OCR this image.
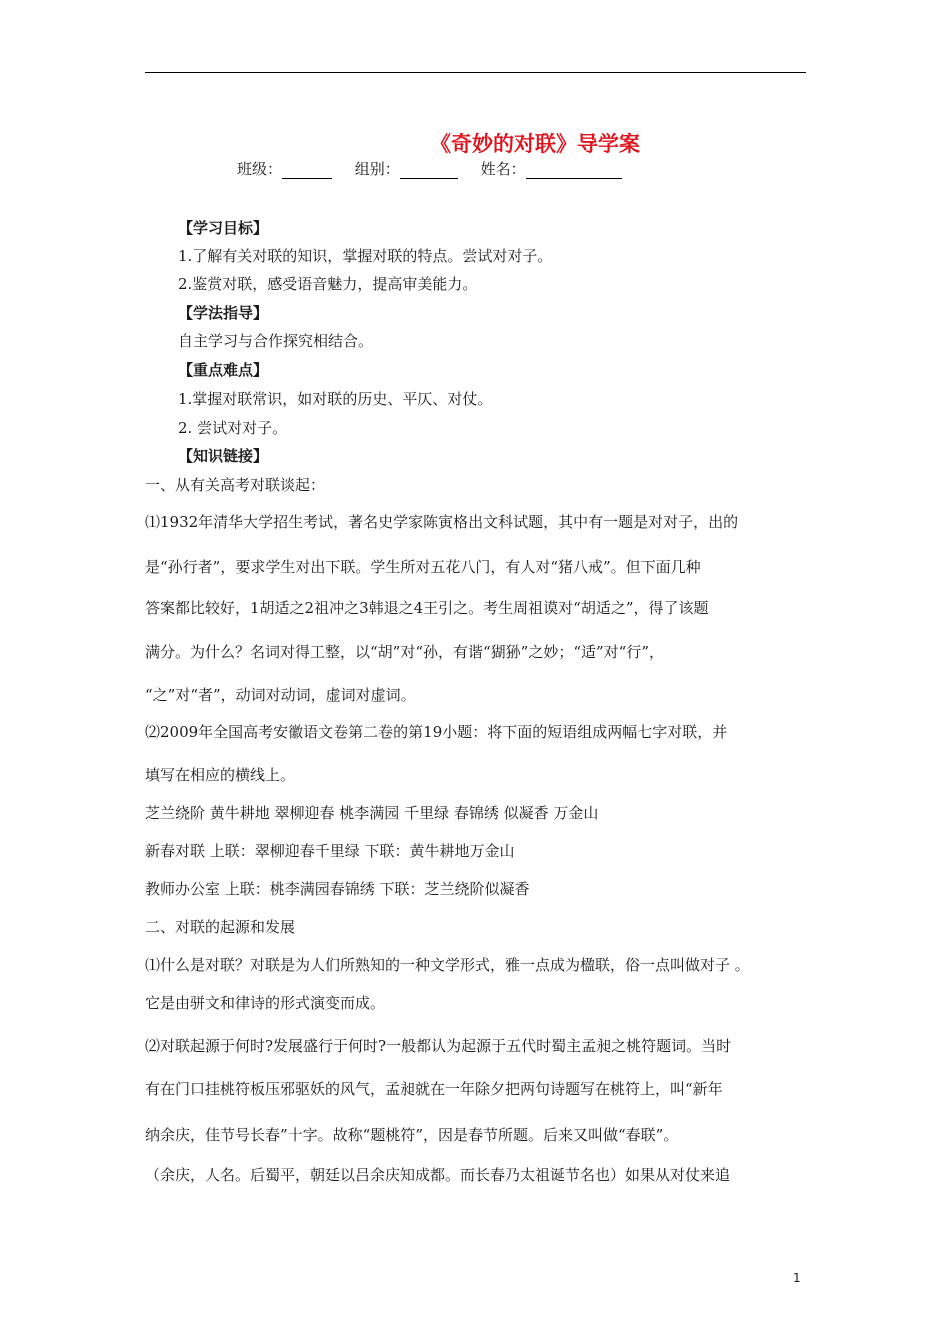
《奇妙的对联》导学案
班级：	组别：	姓名：
【学习目标】
1.了解有关对联的知识，掌握对联的特点。尝试对对子。
2.鉴赏对联，感受语音魅力，提高审美能力。
【学法指导】
自主学习与合作探究相结合。
【重点难点】
1.掌握对联常识，如对联的历史、平仄、对仗。
2. 尝试对对子。
【知识链接】
一、从有关高考对联谈起：
⑴1932年清华大学招生考试，著名史学家陈寅格出文科试题，其中有一题是对对子，出的
是“孙行者”，要求学生对出下联。学生所对五花八门，有人对“猪八戒”。但下面几种
答案都比较好，1胡适之2祖冲之3韩退之4王引之。考生周祖谟对“胡适之”，得了该题
满分。为什么？名词对得工整，以“胡”对“孙，有谐“猢狲”之妙；“适”对“行”，
“之”对“者”，动词对动词，虚词对虚词。
⑵2009年全国高考安徽语文卷第二卷的第19小题：将下面的短语组成两幅七字对联，并
填写在相应的横线上。
芝兰绕阶 黄牛耕地 翠柳迎春 桃李满园 千里绿 春锦绣 似凝香 万金山
新春对联 上联：翠柳迎春千里绿 下联：黄牛耕地万金山
教师办公室 上联：桃李满园春锦绣 下联：芝兰绕阶似凝香
二、对联的起源和发展
⑴什么是对联？对联是为人们所熟知的一种文学形式，雅一点成为楹联，俗一点叫做对子 。
它是由骈文和律诗的形式演变而成。
⑵对联起源于何时?发展盛行于何时?一般都认为起源于五代时蜀主孟昶之桃符题词。当时
有在门口挂桃符板压邪驱妖的风气，孟昶就在一年除夕把两句诗题写在桃符上，叫“新年
纳余庆，佳节号长春”十字。故称“题桃符”，因是春节所题。后来又叫做“春联”。
（余庆，人名。后蜀平，朝廷以吕余庆知成都。而长春乃太祖诞节名也）如果从对仗来追
1
